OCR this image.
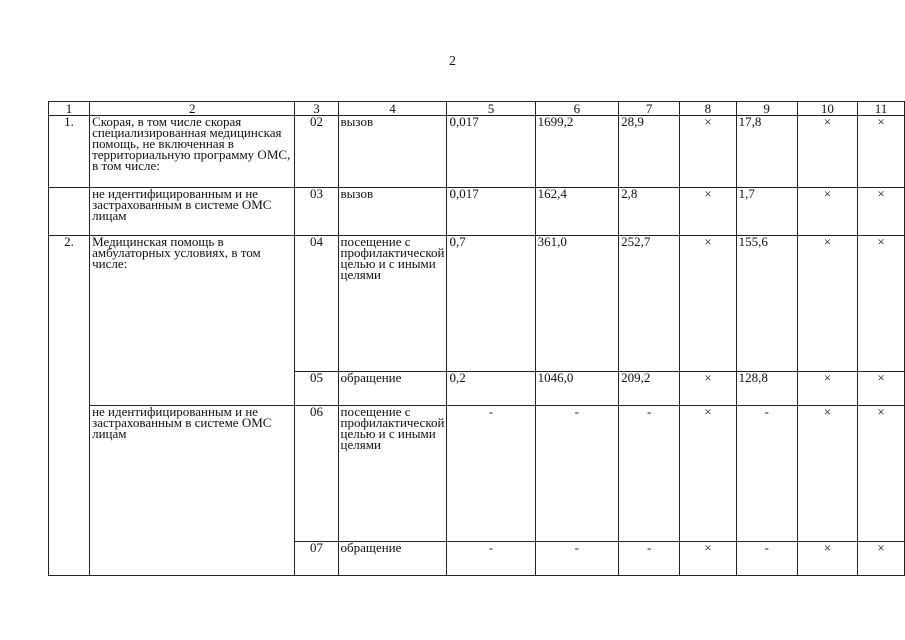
2
1	2	3	4	5	6	7	8	9	10	11
1.	Скорая, в том числе скорая специализированная медицинская помощь, не включенная в территориальную программу ОМС, в том числе:	02	вызов	0,017	1699,2	28,9	×	17,8	×	×
	не идентифицированным и не застрахованным в системе ОМС лицам	03	вызов	0,017	162,4	2,8	×	1,7	×	×
2.	Медицинская помощь в амбулаторных условиях, в том числе:	04	посещение с профилактической целью и с иными целями	0,7	361,0	252,7	×	155,6	×	×
		05	обращение	0,2	1046,0	209,2	×	128,8	×	×
	не идентифицированным и не застрахованным в системе ОМС лицам	06	посещение с профилактической целью и с иными целями	-	-	-	×	-	×	×
		07	обращение	-	-	-	×	-	×	×
